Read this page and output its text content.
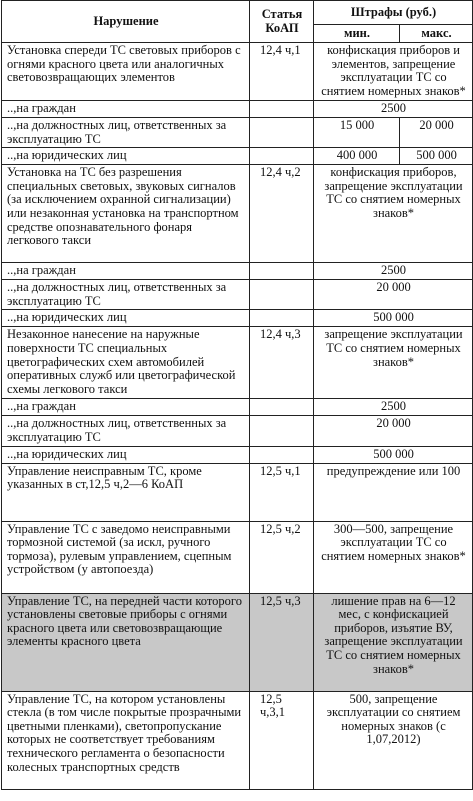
Нарушение	Статья КоАП	Штрафы (руб.)	
		мин.	макс.
Установка спереди ТС световых приборов с огнями красного цвета или аналогичных световозвращающих элементов	12,4 ч,1	конфискация приборов и элементов, запрещение эксплуатации ТС со снятием номерных знаков*	
..,на граждан		2500	
..,на должностных лиц, ответственных за эксплуатацию ТС		15 000	20 000
..,на юридических лиц		400 000	500 000
Установка на ТС без разрешения специальных световых, звуковых сигналов (за исключением охранной сигнализации) или незаконная установка на транспортном средстве опознавательного фонаря легкового такси	12,4 ч,2	конфискация приборов, запрещение эксплуатации ТС со снятием номерных знаков*	
..,на граждан		2500	
..,на должностных лиц, ответственных за эксплуатацию ТС		20 000	
..,на юридических лиц		500 000	
Незаконное нанесение на наружные поверхности ТС специальных цветографических схем автомобилей оперативных служб или цветографической схемы легкового такси	12,4 ч,3	запрещение эксплуатации ТС со снятием номерных знаков*	
..,на граждан		2500	
..,на должностных лиц, ответственных за эксплуатацию ТС		20 000	
..,на юридических лиц		500 000	
Управление неисправным ТС, кроме указанных в ст,12,5 ч,2—6 КоАП	12,5 ч,1	предупреждение или 100	
Управление ТС с заведомо неисправными тормозной системой (за искл, ручного тормоза), рулевым управлением, сцепным устройством (у автопоезда)	12,5 ч,2	300—500, запрещение эксплуатации ТС со снятием номерных знаков*	
Управление ТС, на передней части которого установлены световые приборы с огнями красного цвета или световозвращающие элементы красного цвета	12,5 ч,3	лишение прав на 6—12 мес, с конфискацией приборов, изъятие ВУ, запрещение эксплуатации ТС со снятием номерных знаков*	
Управление ТС, на котором установлены стекла (в том числе покрытые прозрачными цветными пленками), светопропускание которых не соответствует требованиям технического регламента о безопасности колесных транспортных средств	12,5 ч,3,1	500, запрещение эксплуатации со снятием номерных знаков (с 1,07,2012)	
